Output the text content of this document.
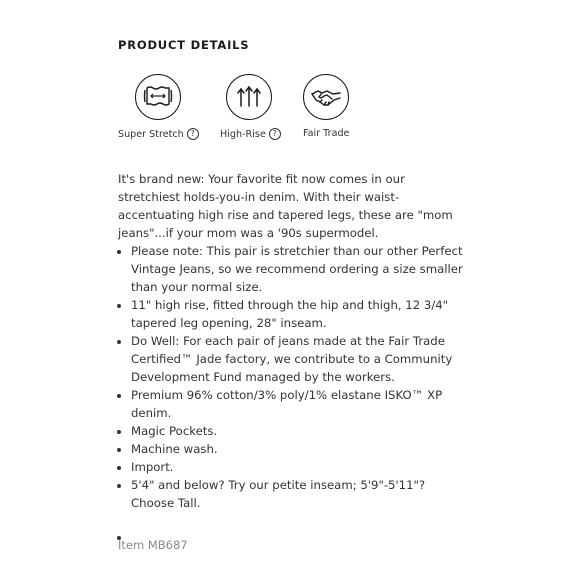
PRODUCT DETAILS
Super Stretch ?	High-Rise ?	Fair Trade

It's brand new: Your favorite fit now comes in our stretchiest holds-you-in denim. With their waist-accentuating high rise and tapered legs, these are "mom jeans"...if your mom was a '90s supermodel.

• Please note: This pair is stretchier than our other Perfect Vintage Jeans, so we recommend ordering a size smaller than your normal size.
• 11" high rise, fitted through the hip and thigh, 12 3/4" tapered leg opening, 28" inseam.
• Do Well: For each pair of jeans made at the Fair Trade Certified™ Jade factory, we contribute to a Community Development Fund managed by the workers.
• Premium 96% cotton/3% poly/1% elastane ISKO™ XP denim.
• Magic Pockets.
• Machine wash.
• Import.
• 5'4" and below? Try our petite inseam; 5'9"-5'11"? Choose Tall.
•
Item MB687
